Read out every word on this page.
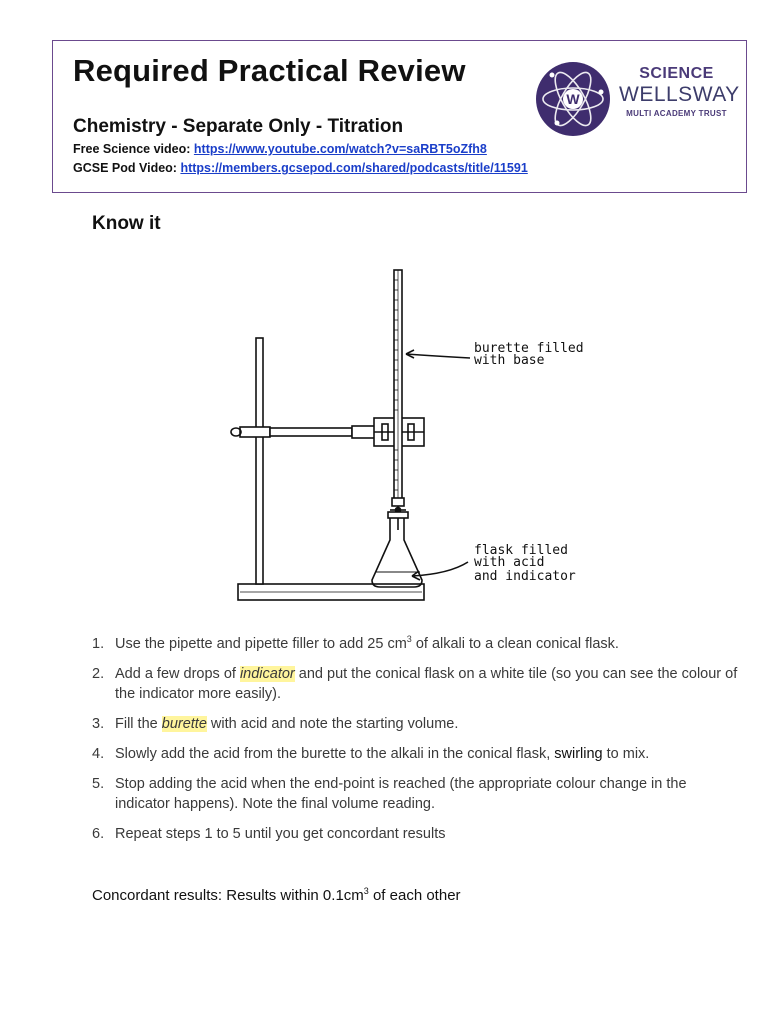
Required Practical Review
Chemistry - Separate Only - Titration
Free Science video: https://www.youtube.com/watch?v=saRBT5oZfh8
GCSE Pod Video: https://members.gcsepod.com/shared/podcasts/title/11591
W
SCIENCE
WELLSWAY
MULTI ACADEMY TRUST
Know it
burette filled
with base
flask filled
with acid
and indicator
1. Use the pipette and pipette filler to add 25 $cm^3$ of alkali to a clean conical flask.
2. Add a few drops of indicator and put the conical flask on a white tile (so you can see the colour of the indicator more easily).
3. Fill the burette with acid and note the starting volume.
4. Slowly add the acid from the burette to the alkali in the conical flask, swirling to mix.
5. Stop adding the acid when the end-point is reached (the appropriate colour change in the indicator happens). Note the final volume reading.
6. Repeat steps 1 to 5 until you get concordant results

Concordant results: Results within $0.1cm^3$ of each other
